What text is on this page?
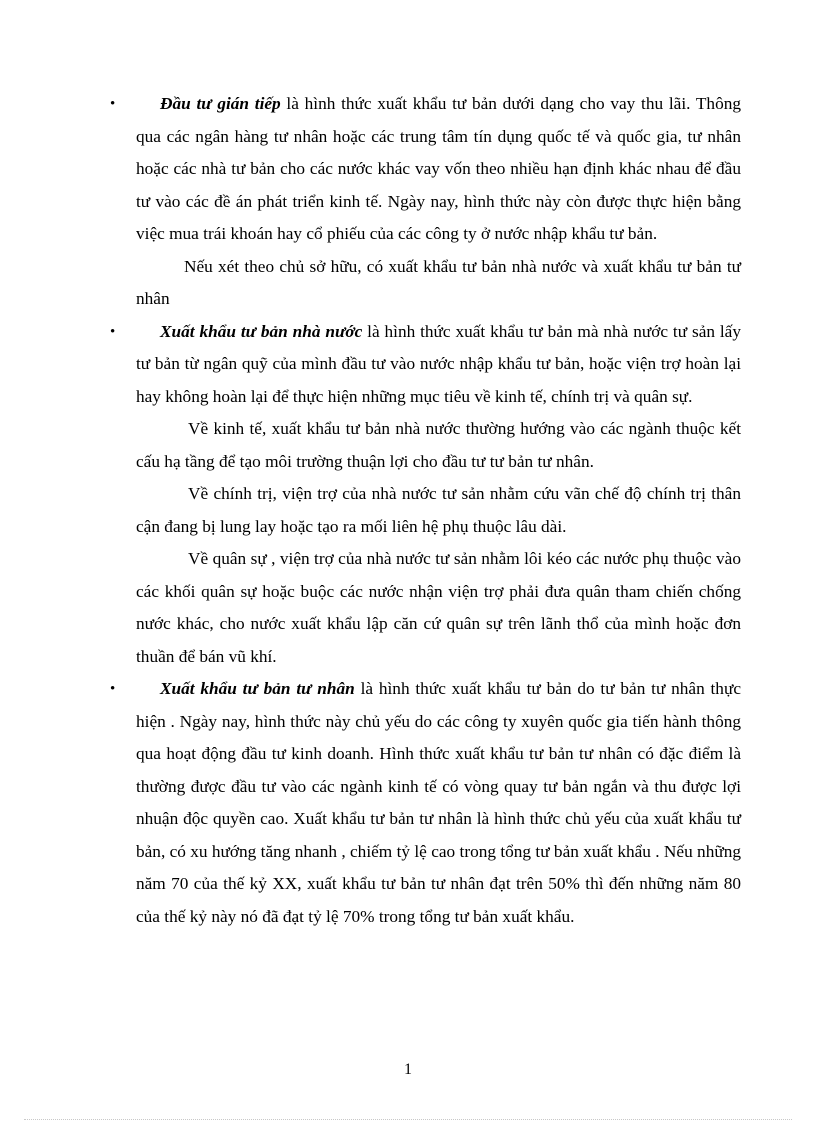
•	Đầu tư gián tiếp là hình thức xuất khẩu tư bản dưới dạng cho vay thu lãi. Thông qua các ngân hàng tư nhân hoặc các trung tâm tín dụng quốc tế và quốc gia, tư nhân hoặc các nhà tư bản cho các nước khác vay vốn theo nhiều hạn định khác nhau để đầu tư vào các đề án phát triển kinh tế. Ngày nay, hình thức này còn được thực hiện bằng việc mua trái khoán hay cổ phiếu của các công ty ở nước nhập khẩu tư bản.

Nếu xét theo chủ sở hữu, có xuất khẩu tư bản nhà nước và xuất khẩu tư bản tư nhân

•	Xuất khẩu tư bản nhà nước là hình thức xuất khẩu tư bản mà nhà nước tư sản lấy tư bản từ ngân quỹ của mình đầu tư vào nước nhập khẩu tư bản, hoặc viện trợ hoàn lại hay không hoàn lại để thực hiện những mục tiêu về kinh tế, chính trị và quân sự.

Về kinh tế, xuất khẩu tư bản nhà nước thường hướng vào các ngành thuộc kết cấu hạ tầng để tạo môi trường thuận lợi cho đầu tư tư bản tư nhân.

Về chính trị, viện trợ của nhà nước tư sản nhằm cứu vãn chế độ chính trị thân cận đang bị lung lay hoặc tạo ra mối liên hệ phụ thuộc lâu dài.

Về quân sự , viện trợ của nhà nước tư sản nhằm lôi kéo các nước phụ thuộc vào các khối quân sự hoặc buộc các nước nhận viện trợ phải đưa quân tham chiến chống nước khác, cho nước xuất khẩu lập căn cứ quân sự trên lãnh thổ của mình hoặc đơn thuần để bán vũ khí.

•	Xuất khẩu tư bản tư nhân là hình thức xuất khẩu tư bản do tư bản tư nhân thực hiện . Ngày nay, hình thức này chủ yếu do các công ty xuyên quốc gia tiến hành thông qua hoạt động đầu tư kinh doanh. Hình thức xuất khẩu tư bản tư nhân có đặc điểm là thường được đầu tư vào các ngành kinh tế có vòng quay tư bản ngắn và thu được lợi nhuận độc quyền cao. Xuất khẩu tư bản tư nhân là hình thức chủ yếu của xuất khẩu tư bản, có xu hướng tăng nhanh , chiếm tỷ lệ cao trong tổng tư bản xuất khẩu . Nếu những năm 70 của thế kỷ XX, xuất khẩu tư bản tư nhân đạt trên 50% thì đến những năm 80 của thế kỷ này nó đã đạt tỷ lệ 70% trong tổng tư bản xuất khẩu.

1
